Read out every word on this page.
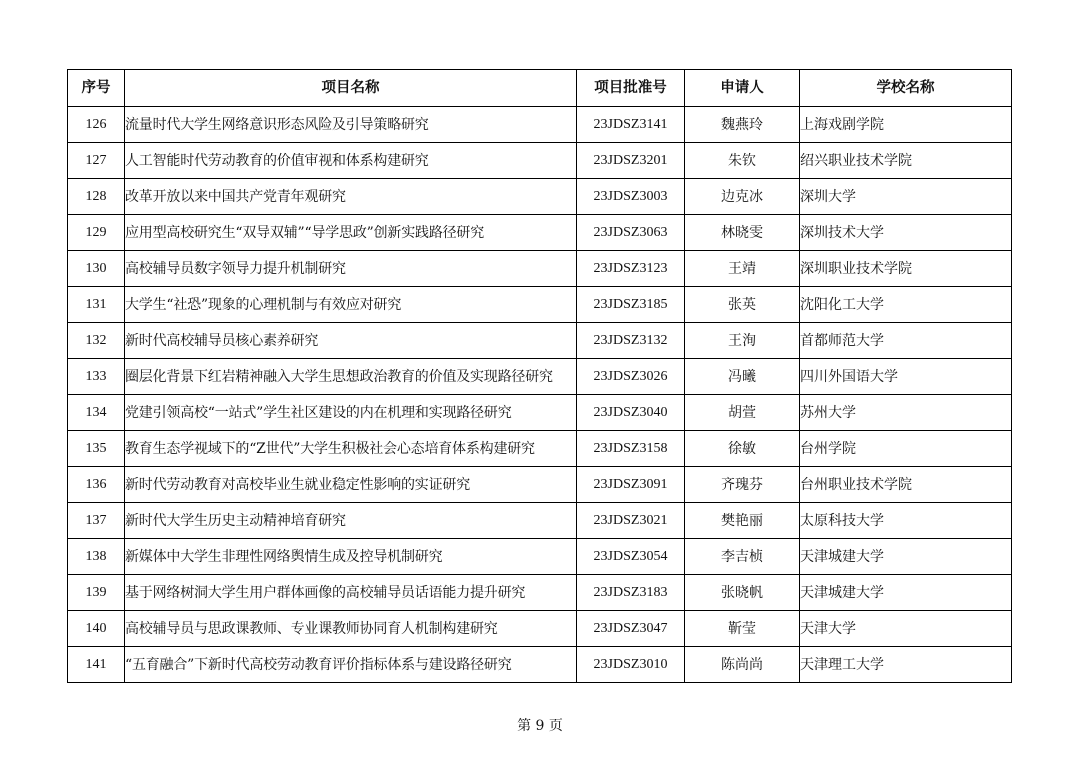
序号	项目名称	项目批准号	申请人	学校名称
126	流量时代大学生网络意识形态风险及引导策略研究	23JDSZ3141	魏燕玲	上海戏剧学院
127	人工智能时代劳动教育的价值审视和体系构建研究	23JDSZ3201	朱钦	绍兴职业技术学院
128	改革开放以来中国共产党青年观研究	23JDSZ3003	边克冰	深圳大学
129	应用型高校研究生“双导双辅”“导学思政”创新实践路径研究	23JDSZ3063	林晓雯	深圳技术大学
130	高校辅导员数字领导力提升机制研究	23JDSZ3123	王靖	深圳职业技术学院
131	大学生“社恐”现象的心理机制与有效应对研究	23JDSZ3185	张英	沈阳化工大学
132	新时代高校辅导员核心素养研究	23JDSZ3132	王洵	首都师范大学
133	圈层化背景下红岩精神融入大学生思想政治教育的价值及实现路径研究	23JDSZ3026	冯曦	四川外国语大学
134	党建引领高校“一站式”学生社区建设的内在机理和实现路径研究	23JDSZ3040	胡萱	苏州大学
135	教育生态学视域下的“Z世代”大学生积极社会心态培育体系构建研究	23JDSZ3158	徐敏	台州学院
136	新时代劳动教育对高校毕业生就业稳定性影响的实证研究	23JDSZ3091	齐瑰芬	台州职业技术学院
137	新时代大学生历史主动精神培育研究	23JDSZ3021	樊艳丽	太原科技大学
138	新媒体中大学生非理性网络舆情生成及控导机制研究	23JDSZ3054	李吉桢	天津城建大学
139	基于网络树洞大学生用户群体画像的高校辅导员话语能力提升研究	23JDSZ3183	张晓帆	天津城建大学
140	高校辅导员与思政课教师、专业课教师协同育人机制构建研究	23JDSZ3047	靳莹	天津大学
141	“五育融合”下新时代高校劳动教育评价指标体系与建设路径研究	23JDSZ3010	陈尚尚	天津理工大学
第 9 页
